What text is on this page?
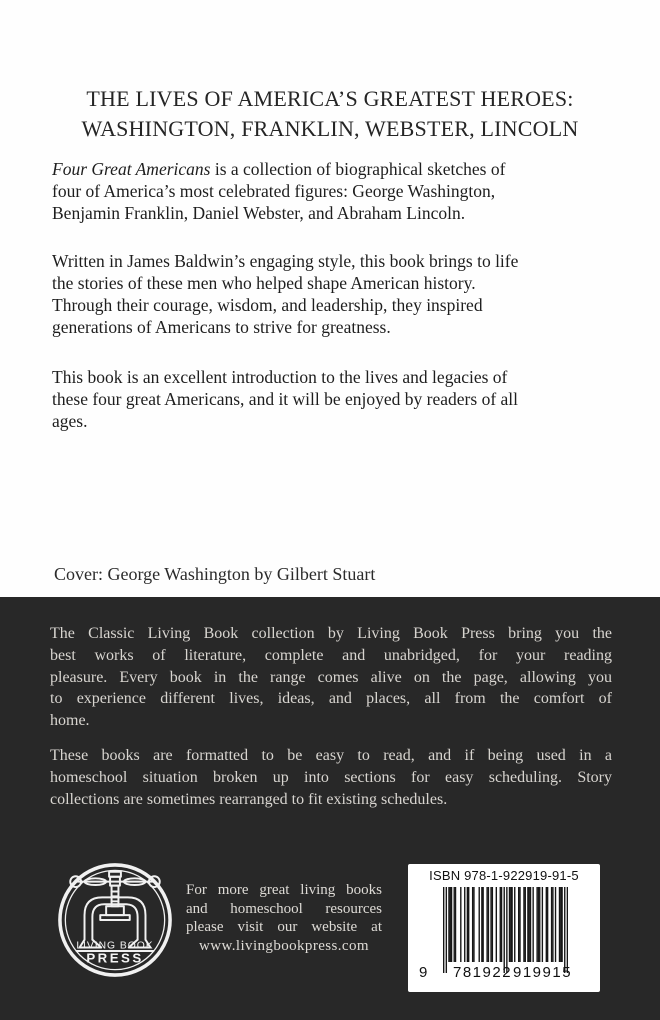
THE LIVES OF AMERICA’S GREATEST HEROES:
WASHINGTON, FRANKLIN, WEBSTER, LINCOLN
Four Great Americans is a collection of biographical sketches of
four of America’s most celebrated figures: George Washington,
Benjamin Franklin, Daniel Webster, and Abraham Lincoln.
Written in James Baldwin’s engaging style, this book brings to life
the stories of these men who helped shape American history.
Through their courage, wisdom, and leadership, they inspired
generations of Americans to strive for greatness.
This book is an excellent introduction to the lives and legacies of
these four great Americans, and it will be enjoyed by readers of all
ages.
Cover: George Washington by Gilbert Stuart
The Classic Living Book collection by Living Book Press bring you the
best works of literature, complete and unabridged, for your reading
pleasure. Every book in the range comes alive on the page, allowing you
to experience different lives, ideas, and places, all from the comfort of
home.
These books are formatted to be easy to read, and if being used in a
homeschool situation broken up into sections for easy scheduling. Story
collections are sometimes rearranged to fit existing schedules.
LIVING BOOK
PRESS
For more great living books
and homeschool resources
please visit our website at
www.livingbookpress.com
ISBN 978-1-922919-91-5
9 781922 919915
